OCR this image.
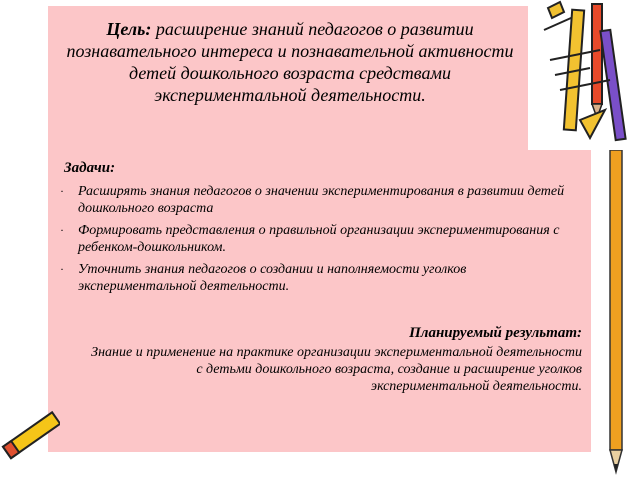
Цель: расширение знаний педагогов о развитии познавательного интереса и познавательной активности детей дошкольного возраста средствами экспериментальной деятельности.
Задачи:
· Расширять знания педагогов о значении экспериментирования в развитии детей дошкольного возраста
· Формировать представления о правильной организации экспериментирования с ребенком-дошкольником.
· Уточнить знания педагогов о создании и наполняемости уголков экспериментальной деятельности.
Планируемый результат:
Знание и применение на практике организации экспериментальной деятельности с детьми дошкольного возраста, создание и расширение уголков экспериментальной деятельности.
